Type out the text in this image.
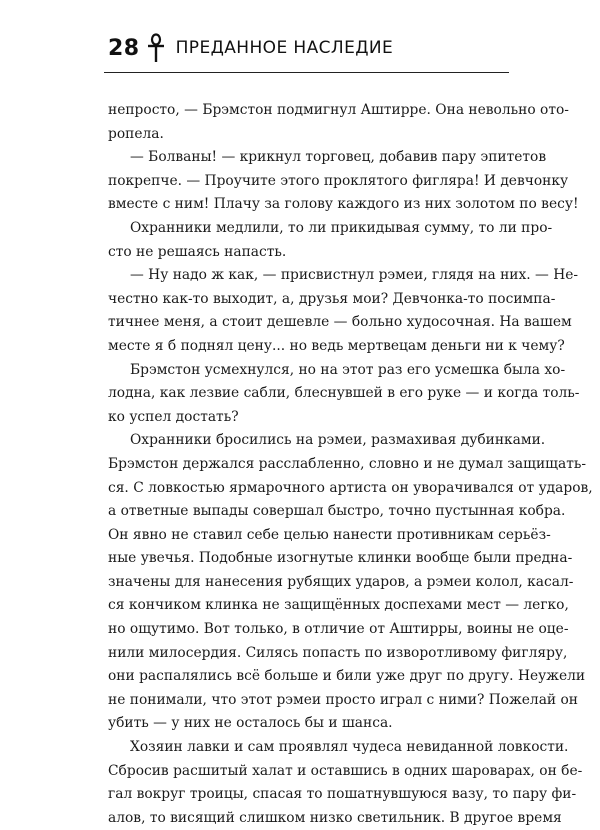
28 ПРЕДАННОЕ НАСЛЕДИЕ
непросто, — Брэмстон подмигнул Аштирре. Она невольно ото-
ропела.
— Болваны! — крикнул торговец, добавив пару эпитетов
покрепче. — Проучите этого проклятого фигляра! И девчонку
вместе с ним! Плачу за голову каждого из них золотом по весу!
Охранники медлили, то ли прикидывая сумму, то ли про-
сто не решаясь напасть.
— Ну надо ж как, — присвистнул рэмеи, глядя на них. — Не-
честно как-то выходит, а, друзья мои? Девчонка-то посимпа-
тичнее меня, а стоит дешевле — больно худосочная. На вашем
месте я б поднял цену... но ведь мертвецам деньги ни к чему?
Брэмстон усмехнулся, но на этот раз его усмешка была хо-
лодна, как лезвие сабли, блеснувшей в его руке — и когда толь-
ко успел достать?
Охранники бросились на рэмеи, размахивая дубинками.
Брэмстон держался расслабленно, словно и не думал защищать-
ся. С ловкостью ярмарочного артиста он уворачивался от ударов,
а ответные выпады совершал быстро, точно пустынная кобра.
Он явно не ставил себе целью нанести противникам серьёз-
ные увечья. Подобные изогнутые клинки вообще были предна-
значены для нанесения рубящих ударов, а рэмеи колол, касал-
ся кончиком клинка не защищённых доспехами мест — легко,
но ощутимо. Вот только, в отличие от Аштирры, воины не оце-
нили милосердия. Силясь попасть по изворотливому фигляру,
они распалялись всё больше и били уже друг по другу. Неужели
не понимали, что этот рэмеи просто играл с ними? Пожелай он
убить — у них не осталось бы и шанса.
Хозяин лавки и сам проявлял чудеса невиданной ловкости.
Сбросив расшитый халат и оставшись в одних шароварах, он бе-
гал вокруг троицы, спасая то пошатнувшуюся вазу, то пару фи-
алов, то висящий слишком низко светильник. В другое время
